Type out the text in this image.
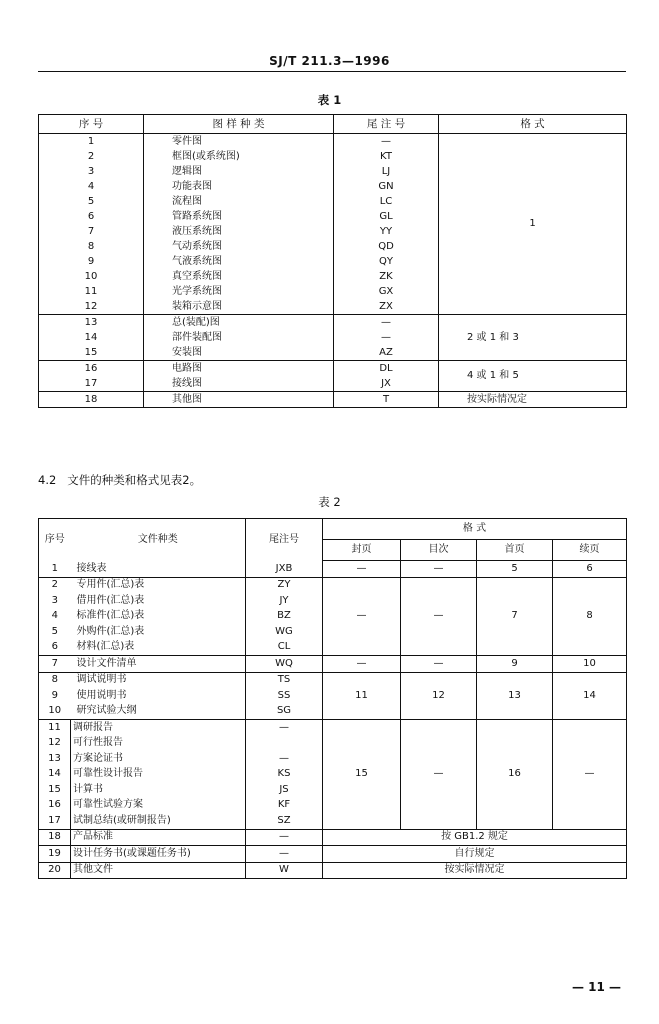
SJ/T 211.3—1996
表 1
序 号	图 样 种 类	尾 注 号	格 式
1	零件图	—	1
2	框图(或系统图)	KT	
3	逻辑图	LJ	
4	功能表图	GN	
5	流程图	LC	
6	管路系统图	GL	
7	液压系统图	YY	
8	气动系统图	QD	
9	气液系统图	QY	
10	真空系统图	ZK	
11	光学系统图	GX	
12	装箱示意图	ZX	
13	总(装配)图	—	2 或 1 和 3
14	部件装配图	—	
15	安装图	AZ	
16	电路图	DL	4 或 1 和 5
17	接线图	JX	
18	其他图	T	按实际情况定
4.2 文件的种类和格式见表2。
表 2
序号	文件种类	尾注号	格 式			
			封页	目次	首页	续页
1	接线表	JXB	—	—	5	6
2	专用件(汇总)表	ZY	—	—	7	8
3	借用件(汇总)表	JY				
4	标准件(汇总)表	BZ				
5	外购件(汇总)表	WG				
6	材料(汇总)表	CL				
7	设计文件清单	WQ	—	—	9	10
8	调试说明书	TS	11	12	13	14
9	使用说明书	SS				
10	研究试验大纲	SG				
11	调研报告	—	15	—	16	—
12	可行性报告					
13	方案论证书	—				
14	可靠性设计报告	KS				
15	计算书	JS				
16	可靠性试验方案	KF				
17	试制总结(或研制报告)	SZ				
18	产品标准	—	按 GB1.2 规定			
19	设计任务书(或课题任务书)	—	自行规定			
20	其他文件	W	按实际情况定			
— 11 —
